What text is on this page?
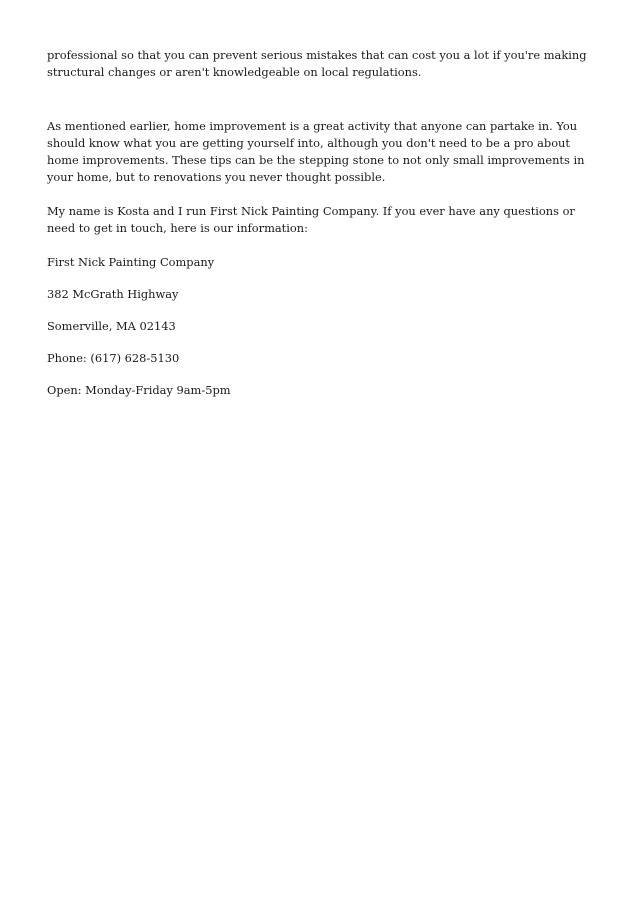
professional so that you can prevent serious mistakes that can cost you a lot if you're making structural changes or aren't knowledgeable on local regulations.

As mentioned earlier, home improvement is a great activity that anyone can partake in. You should know what you are getting yourself into, although you don't need to be a pro about home improvements. These tips can be the stepping stone to not only small improvements in your home, but to renovations you never thought possible.

My name is Kosta and I run First Nick Painting Company. If you ever have any questions or need to get in touch, here is our information:

First Nick Painting Company

382 McGrath Highway

Somerville, MA 02143

Phone: (617) 628-5130

Open: Monday-Friday 9am-5pm
